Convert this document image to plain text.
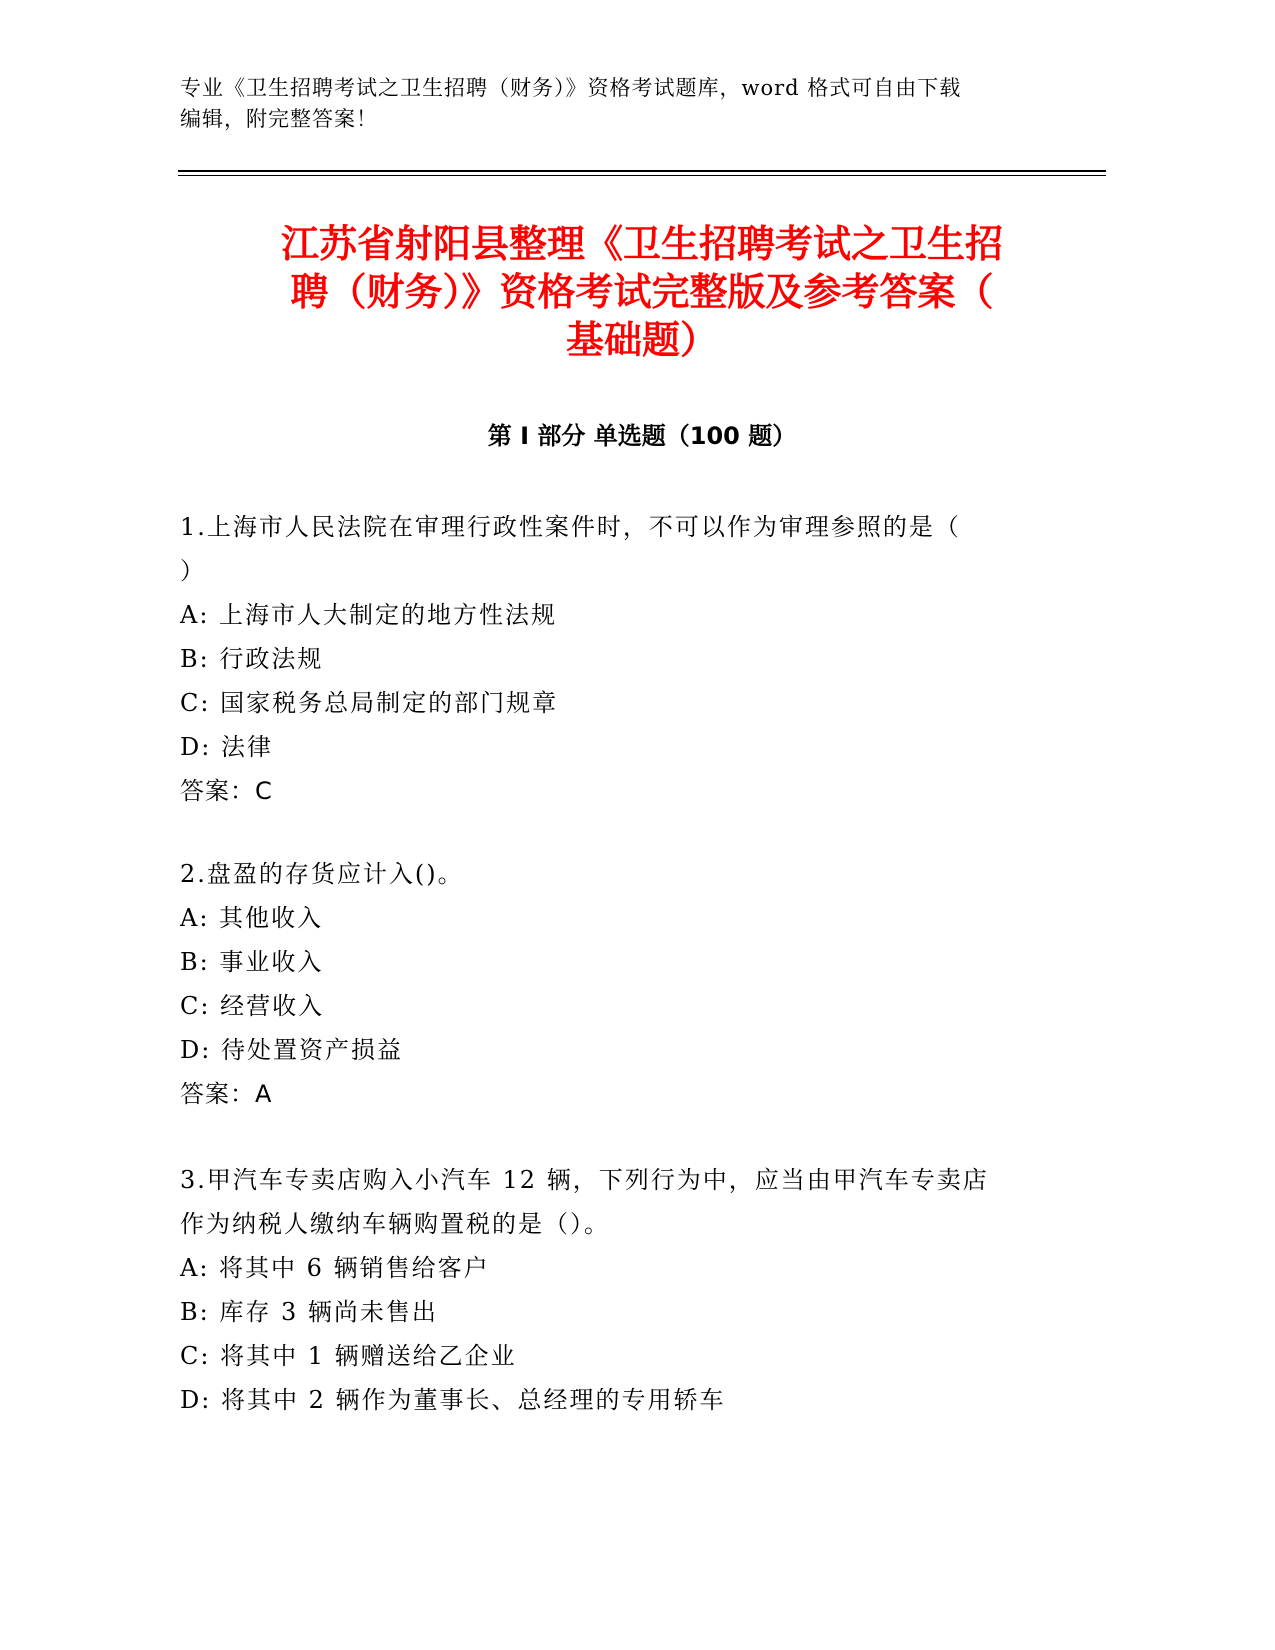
专业《卫生招聘考试之卫生招聘（财务）》资格考试题库，word 格式可自由下载
编辑，附完整答案！
江苏省射阳县整理《卫生招聘考试之卫生招
聘（财务）》资格考试完整版及参考答案（
基础题）
第 I 部分 单选题（100 题）
1.上海市人民法院在审理行政性案件时，不可以作为审理参照的是（
）
A: 上海市人大制定的地方性法规
B: 行政法规
C: 国家税务总局制定的部门规章
D: 法律
答案：C
2.盘盈的存货应计入()。
A: 其他收入
B: 事业收入
C: 经营收入
D: 待处置资产损益
答案：A
3.甲汽车专卖店购入小汽车 12 辆，下列行为中，应当由甲汽车专卖店
作为纳税人缴纳车辆购置税的是（）。
A: 将其中 6 辆销售给客户
B: 库存 3 辆尚未售出
C: 将其中 1 辆赠送给乙企业
D: 将其中 2 辆作为董事长、总经理的专用轿车
